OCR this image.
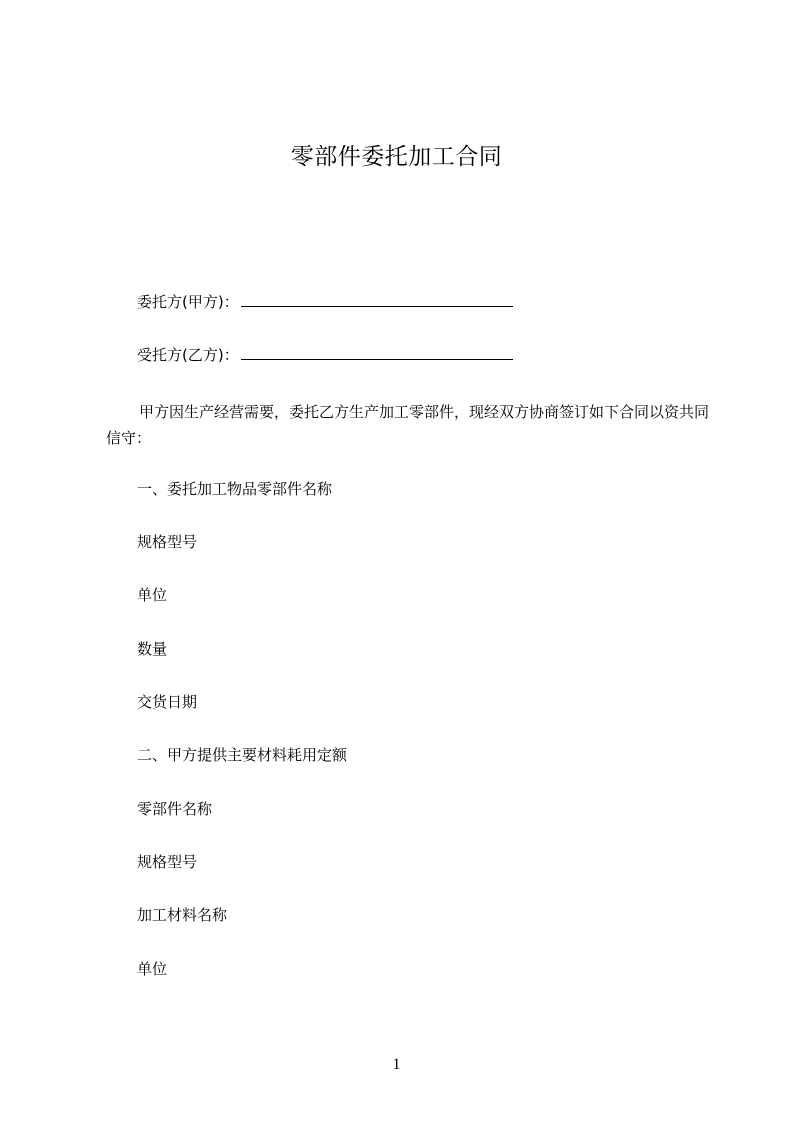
零部件委托加工合同
委托方(甲方)：
受托方(乙方)：
甲方因生产经营需要，委托乙方生产加工零部件，现经双方协商签订如下合同以资共同信守：
一、委托加工物品零部件名称
规格型号
单位
数量
交货日期
二、甲方提供主要材料耗用定额
零部件名称
规格型号
加工材料名称
单位
1
